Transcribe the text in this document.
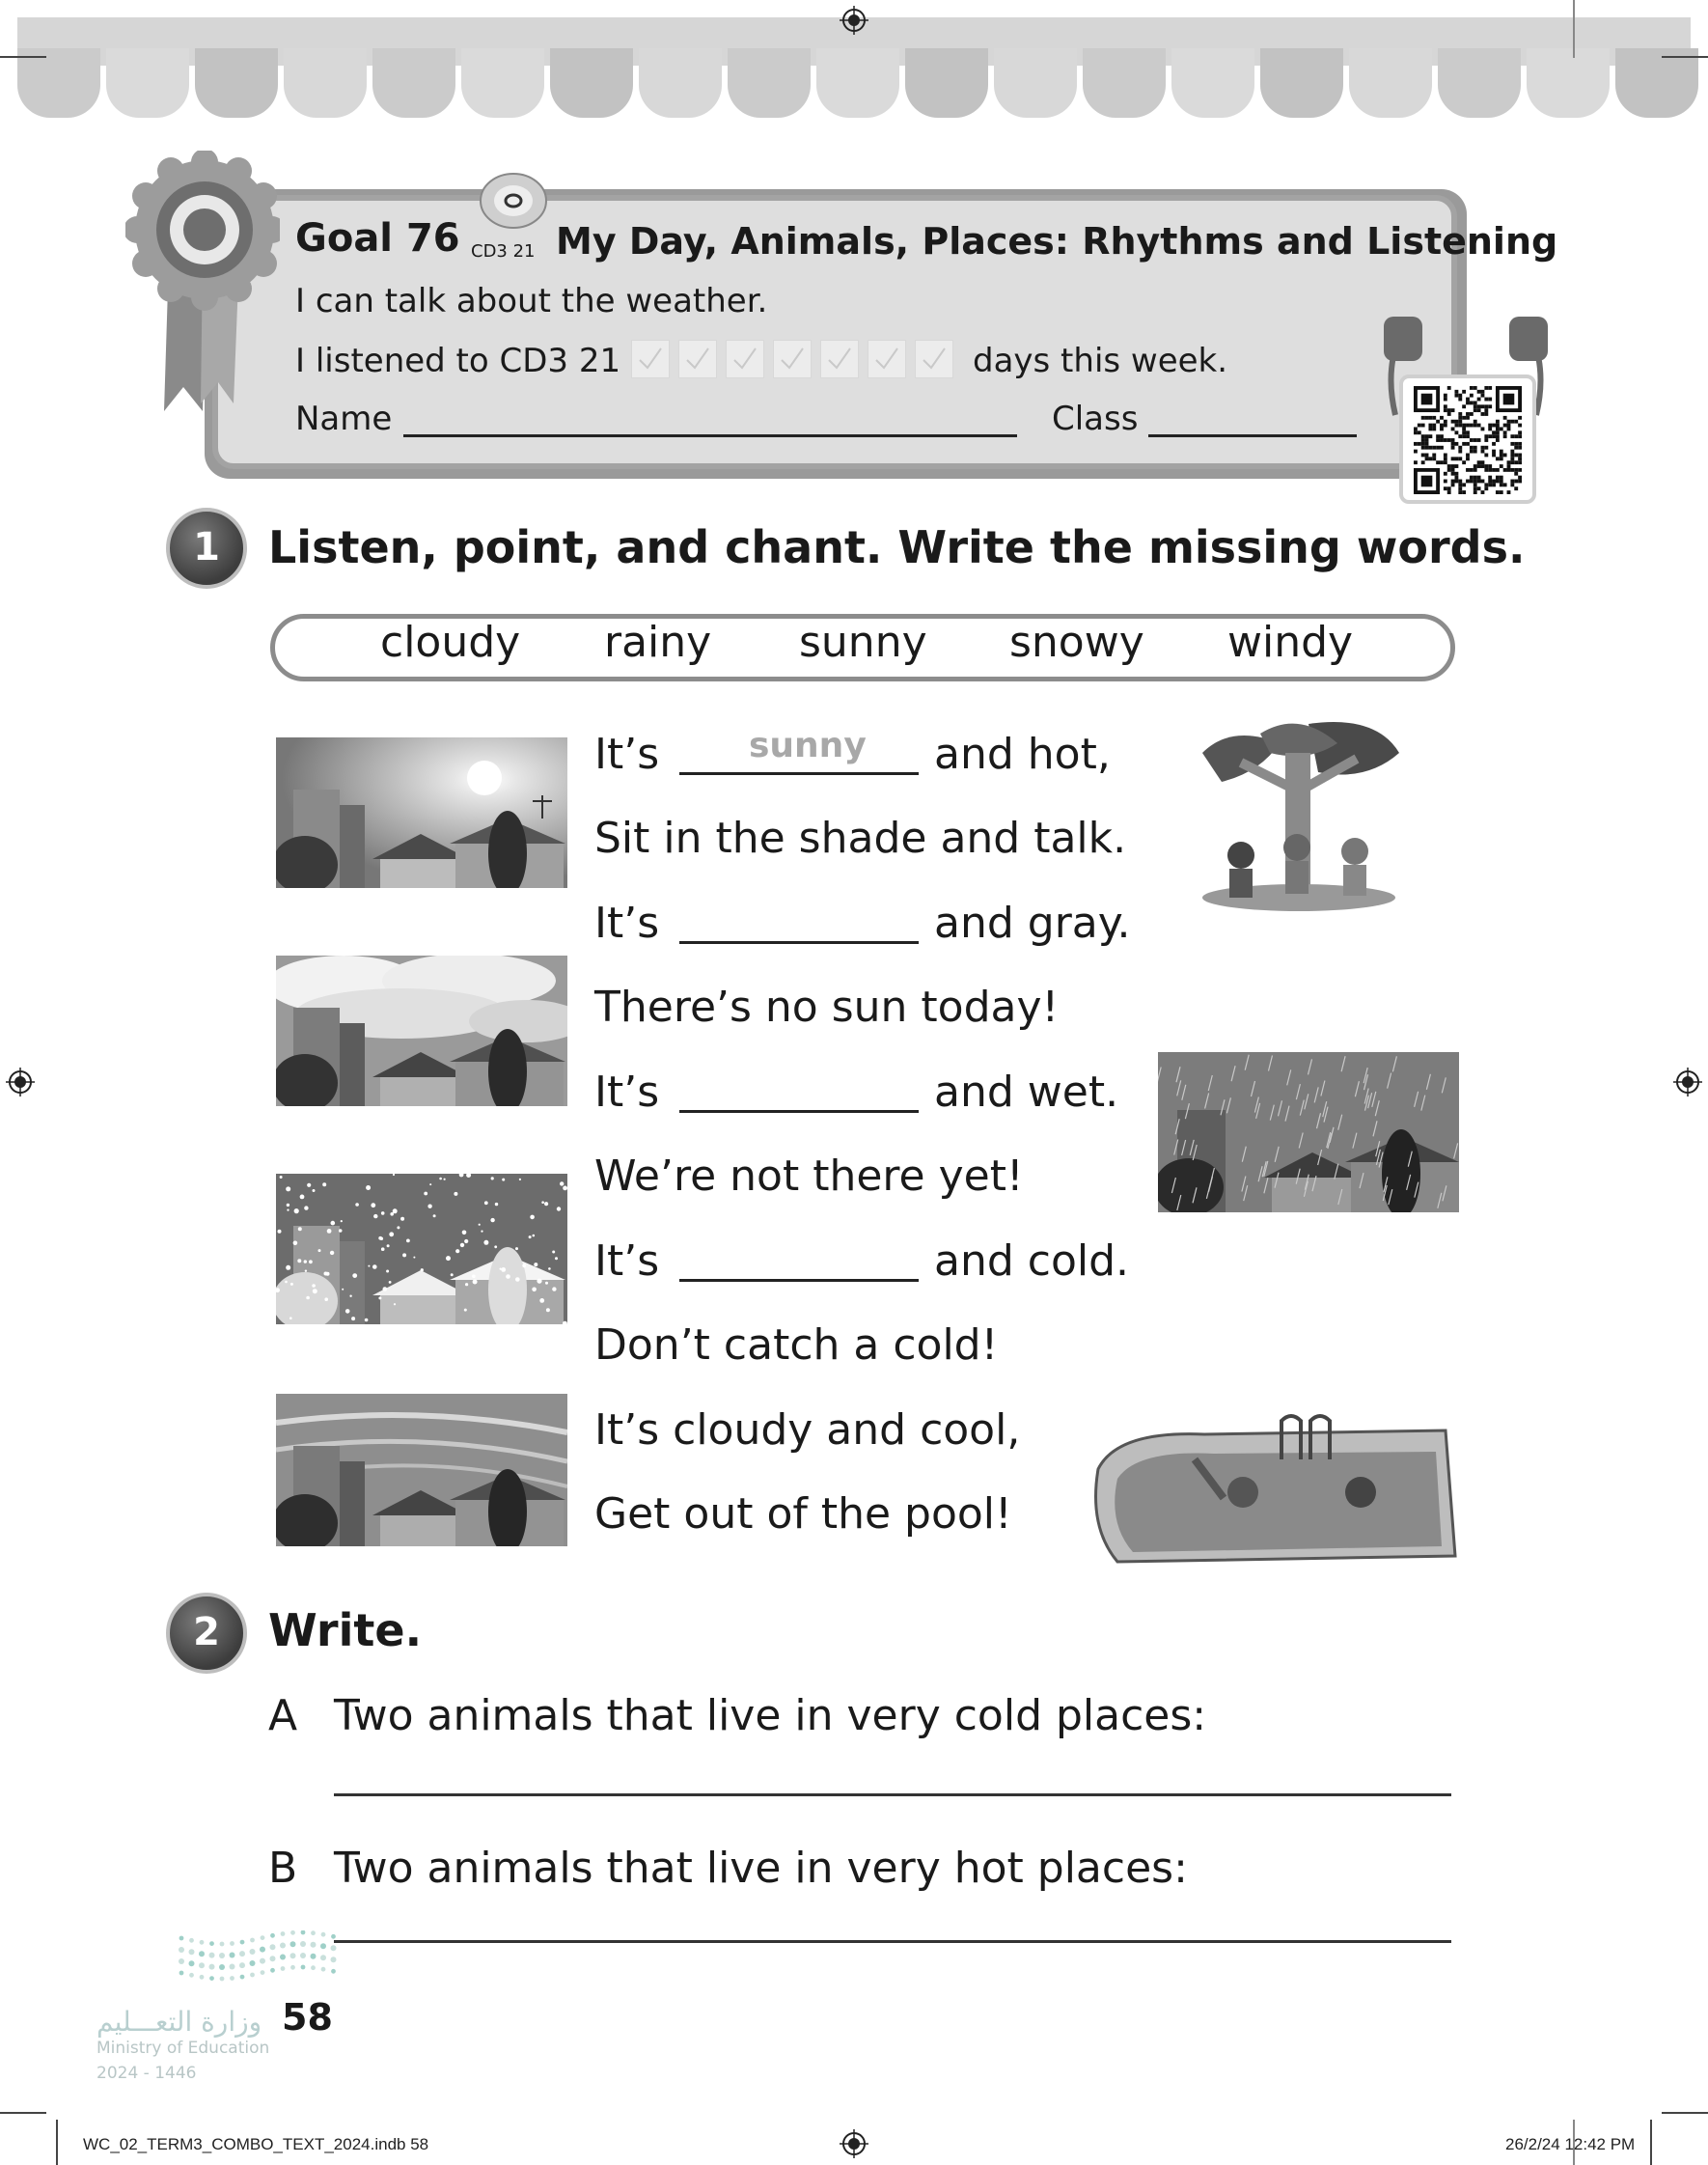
Goal 76 CD3 21 My Day, Animals, Places: Rhythms and Listening
I can talk about the weather.
I listened to CD3 21	days this week.
Name	Class
1	Listen, point, and chant. Write the missing words.
cloudy rainy sunny snowy windy
It’s	sunny and hot,
Sit in the shade and talk.
It’s	and gray.
There’s no sun today!
It’s	and wet.
We’re not there yet!
It’s	and cold.
Don’t catch a cold!
It’s cloudy and cool,
Get out of the pool!
2	Write.
A Two animals that live in very cold places:
B Two animals that live in very hot places:
وزارة التعـــليم 58
Ministry of Education
2024 - 1446
WC_02_TERM3_COMBO_TEXT_2024.indb 58	26/2/24 12:42 PM
